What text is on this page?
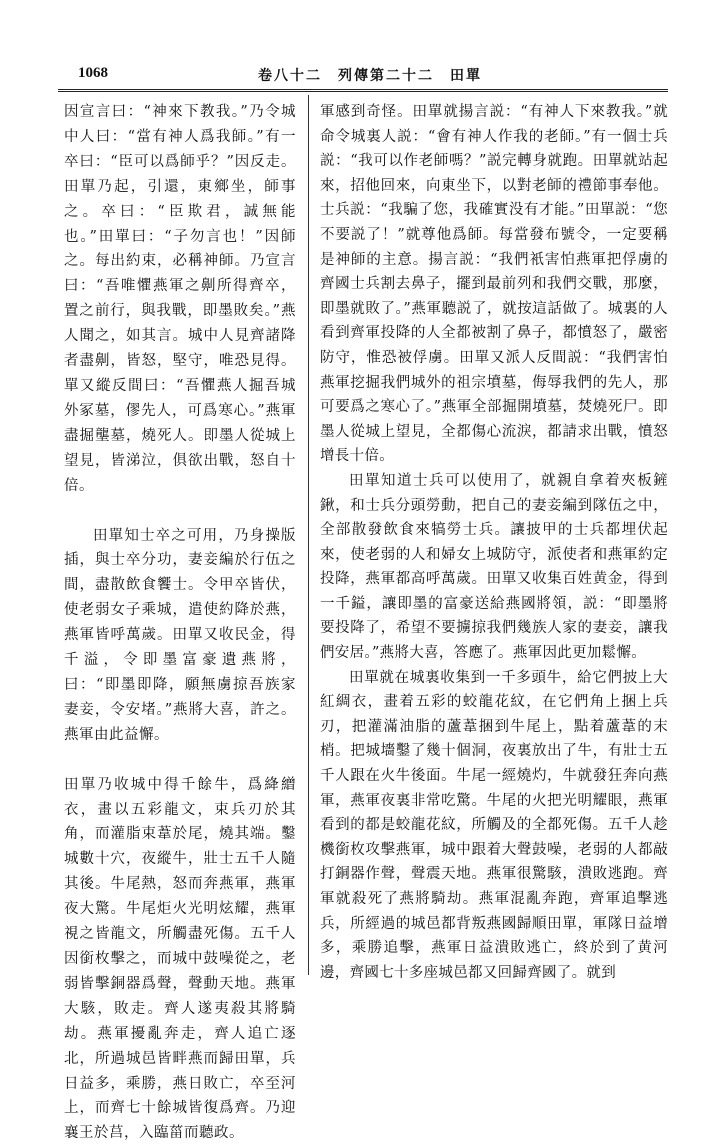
1068	卷八十二　列傳第二十二　田單

因宣言曰：“神來下教我。”乃令城中人曰：“當有神人爲我師。”有一卒曰：“臣可以爲師乎？”因反走。田單乃起，引還，東鄉坐，師事之。卒曰：“臣欺君，誠無能也。”田單曰：“子勿言也！”因師之。每出約束，必稱神師。乃宣言曰：“吾唯懼燕軍之劓所得齊卒，置之前行，與我戰，即墨敗矣。”燕人聞之，如其言。城中人見齊諸降者盡劓，皆怒，堅守，唯恐見得。單又縱反間曰：“吾懼燕人掘吾城外冢墓，僇先人，可爲寒心。”燕軍盡掘壟墓，燒死人。即墨人從城上望見，皆涕泣，俱欲出戰，怒自十倍。

田單知士卒之可用，乃身操版插，與士卒分功，妻妾編於行伍之間，盡散飲食饗士。令甲卒皆伏，使老弱女子乘城，遣使約降於燕，燕軍皆呼萬歲。田單又收民金，得千溢，令即墨富豪遺燕將，曰：“即墨即降，願無虜掠吾族家妻妾，令安堵。”燕將大喜，許之。燕軍由此益懈。

田單乃收城中得千餘牛，爲絳繒衣，畫以五彩龍文，束兵刃於其角，而灌脂束葦於尾，燒其端。鑿城數十穴，夜縱牛，壯士五千人隨其後。牛尾熱，怒而奔燕軍，燕軍夜大驚。牛尾炬火光明炫耀，燕軍視之皆龍文，所觸盡死傷。五千人因銜枚擊之，而城中鼓噪從之，老弱皆擊銅器爲聲，聲動天地。燕軍大駭，敗走。齊人遂夷殺其將騎劫。燕軍擾亂奔走，齊人追亡逐北，所過城邑皆畔燕而歸田單，兵日益多，乘勝，燕日敗亡，卒至河上，而齊七十餘城皆復爲齊。乃迎襄王於莒，入臨菑而聽政。

軍感到奇怪。田單就揚言説：“有神人下來教我。”就命令城裏人説：“會有神人作我的老師。”有一個士兵説：“我可以作老師嗎？”説完轉身就跑。田單就站起來，招他回來，向東坐下，以對老師的禮節事奉他。士兵説：“我騙了您，我確實没有才能。”田單説：“您不要説了！”就尊他爲師。每當發布號令，一定要稱是神師的主意。揚言説：“我們衹害怕燕軍把俘虜的齊國士兵割去鼻子，擺到最前列和我們交戰，那麼，即墨就敗了。”燕軍聽説了，就按這話做了。城裏的人看到齊軍投降的人全都被割了鼻子，都憤怒了，嚴密防守，惟恐被俘虜。田單又派人反間説：“我們害怕燕軍挖掘我們城外的祖宗墳墓，侮辱我們的先人，那可要爲之寒心了。”燕軍全部掘開墳墓，焚燒死尸。即墨人從城上望見，全都傷心流淚，都請求出戰，憤怒增長十倍。

田單知道士兵可以使用了，就親自拿着夾板鏟鍬，和士兵分頭勞動，把自己的妻妾編到隊伍之中，全部散發飲食來犒勞士兵。讓披甲的士兵都埋伏起來，使老弱的人和婦女上城防守，派使者和燕軍約定投降，燕軍都高呼萬歲。田單又收集百姓黄金，得到一千鎰，讓即墨的富豪送給燕國將領，説：“即墨將要投降了，希望不要擄掠我們幾族人家的妻妾，讓我們安居。”燕將大喜，答應了。燕軍因此更加鬆懈。

田單就在城裏收集到一千多頭牛，給它們披上大紅綢衣，畫着五彩的蛟龍花紋，在它們角上捆上兵刃，把灌滿油脂的蘆葦捆到牛尾上，點着蘆葦的末梢。把城墻鑿了幾十個洞，夜裏放出了牛，有壯士五千人跟在火牛後面。牛尾一經燒灼，牛就發狂奔向燕軍，燕軍夜裏非常吃驚。牛尾的火把光明耀眼，燕軍看到的都是蛟龍花紋，所觸及的全都死傷。五千人趁機銜枚攻擊燕軍，城中跟着大聲鼓噪，老弱的人都敲打銅器作聲，聲震天地。燕軍很驚駭，潰敗逃跑。齊軍就殺死了燕將騎劫。燕軍混亂奔跑，齊軍追擊逃兵，所經過的城邑都背叛燕國歸順田單，軍隊日益增多，乘勝追擊，燕軍日益潰敗逃亡，終於到了黄河邊，齊國七十多座城邑都又回歸齊國了。就到
